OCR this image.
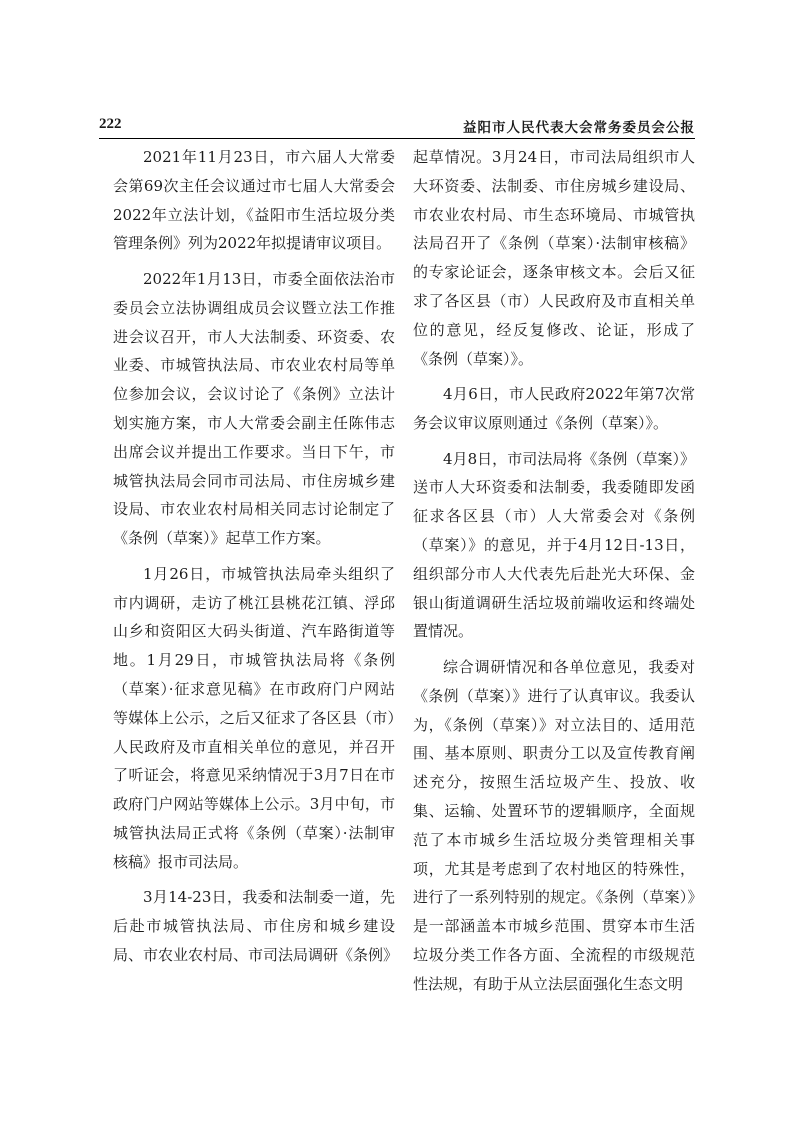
222	益阳市人民代表大会常务委员会公报

2021年11月23日，市六届人大常委会第69次主任会议通过市七届人大常委会2022年立法计划，《益阳市生活垃圾分类管理条例》列为2022年拟提请审议项目。

2022年1月13日，市委全面依法治市委员会立法协调组成员会议暨立法工作推进会议召开，市人大法制委、环资委、农业委、市城管执法局、市农业农村局等单位参加会议，会议讨论了《条例》立法计划实施方案，市人大常委会副主任陈伟志出席会议并提出工作要求。当日下午，市城管执法局会同市司法局、市住房城乡建设局、市农业农村局相关同志讨论制定了《条例（草案）》起草工作方案。

1月26日，市城管执法局牵头组织了市内调研，走访了桃江县桃花江镇、浮邱山乡和资阳区大码头街道、汽车路街道等地。1月29日，市城管执法局将《条例（草案）·征求意见稿》在市政府门户网站等媒体上公示，之后又征求了各区县（市）人民政府及市直相关单位的意见，并召开了听证会，将意见采纳情况于3月7日在市政府门户网站等媒体上公示。3月中旬，市城管执法局正式将《条例（草案）·法制审核稿》报市司法局。

3月14-23日，我委和法制委一道，先后赴市城管执法局、市住房和城乡建设局、市农业农村局、市司法局调研《条例》

起草情况。3月24日，市司法局组织市人大环资委、法制委、市住房城乡建设局、市农业农村局、市生态环境局、市城管执法局召开了《条例（草案）·法制审核稿》的专家论证会，逐条审核文本。会后又征求了各区县（市）人民政府及市直相关单位的意见，经反复修改、论证，形成了《条例（草案）》。

4月6日，市人民政府2022年第7次常务会议审议原则通过《条例（草案）》。

4月8日，市司法局将《条例（草案）》送市人大环资委和法制委，我委随即发函征求各区县（市）人大常委会对《条例（草案）》的意见，并于4月12日-13日，组织部分市人大代表先后赴光大环保、金银山街道调研生活垃圾前端收运和终端处置情况。

综合调研情况和各单位意见，我委对《条例（草案）》进行了认真审议。我委认为，《条例（草案）》对立法目的、适用范围、基本原则、职责分工以及宣传教育阐述充分，按照生活垃圾产生、投放、收集、运输、处置环节的逻辑顺序，全面规范了本市城乡生活垃圾分类管理相关事项，尤其是考虑到了农村地区的特殊性，进行了一系列特别的规定。《条例（草案）》是一部涵盖本市城乡范围、贯穿本市生活垃圾分类工作各方面、全流程的市级规范性法规，有助于从立法层面强化生态文明
